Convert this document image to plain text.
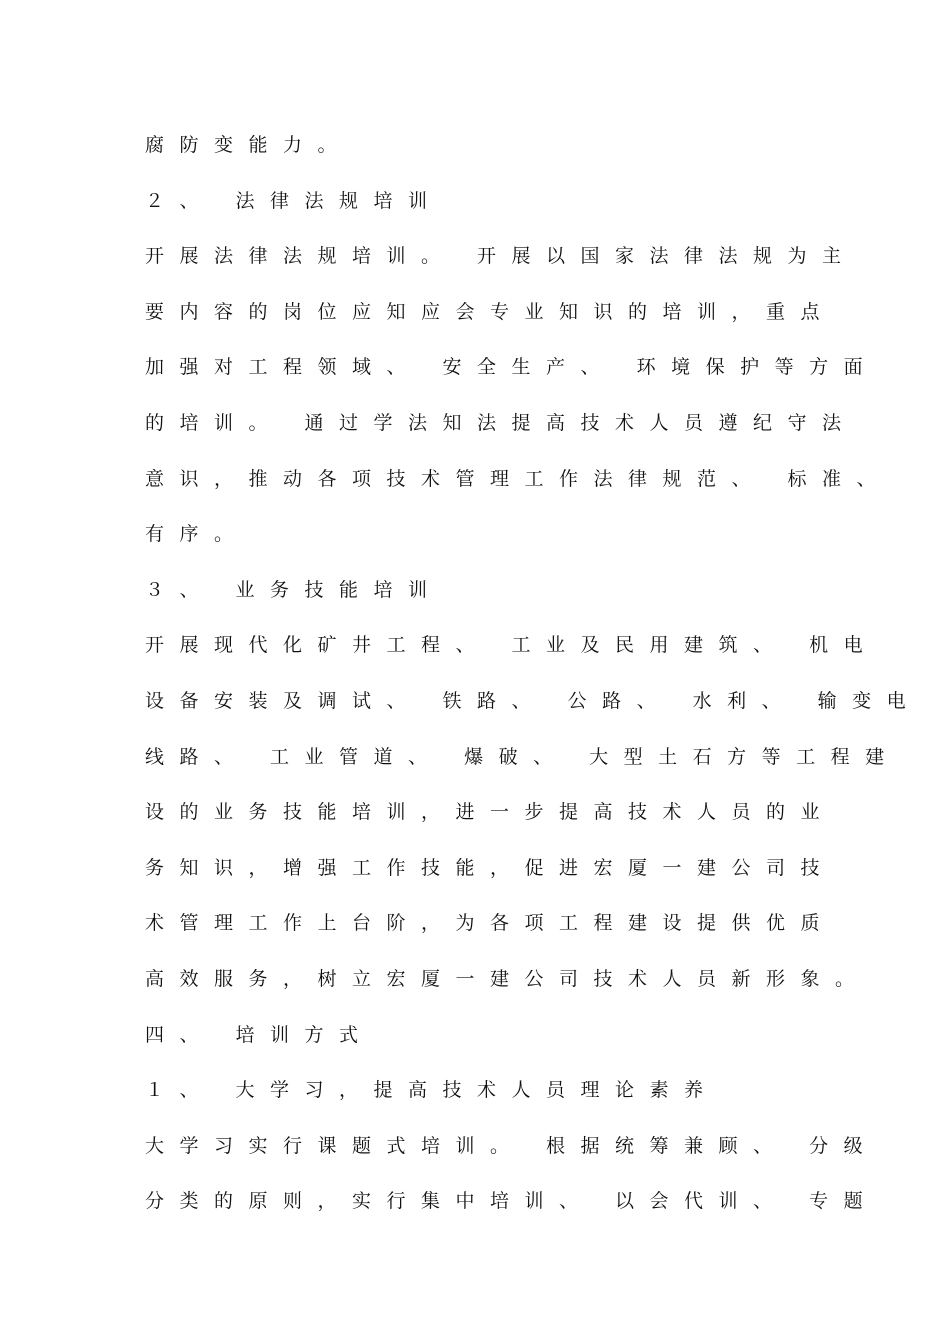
腐防变能力。
２、 法律法规培训
开展法律法规培训。 开展以国家法律法规为主
要内容的岗位应知应会专业知识的培训，重点
加强对工程领域、 安全生产、 环境保护等方面
的培训。 通过学法知法提高技术人员遵纪守法
意识，推动各项技术管理工作法律规范、 标准、
有序。
３、 业务技能培训
开展现代化矿井工程、 工业及民用建筑、 机电
设备安装及调试、 铁路、 公路、 水利、 输变电
线路、 工业管道、 爆破、 大型土石方等工程建
设的业务技能培训，进一步提高技术人员的业
务知识，增强工作技能，促进宏厦一建公司技
术管理工作上台阶，为各项工程建设提供优质
高效服务，树立宏厦一建公司技术人员新形象。
四、 培训方式
１、 大学习，提高技术人员理论素养
大学习实行课题式培训。 根据统筹兼顾、 分级
分类的原则，实行集中培训、 以会代训、 专题
